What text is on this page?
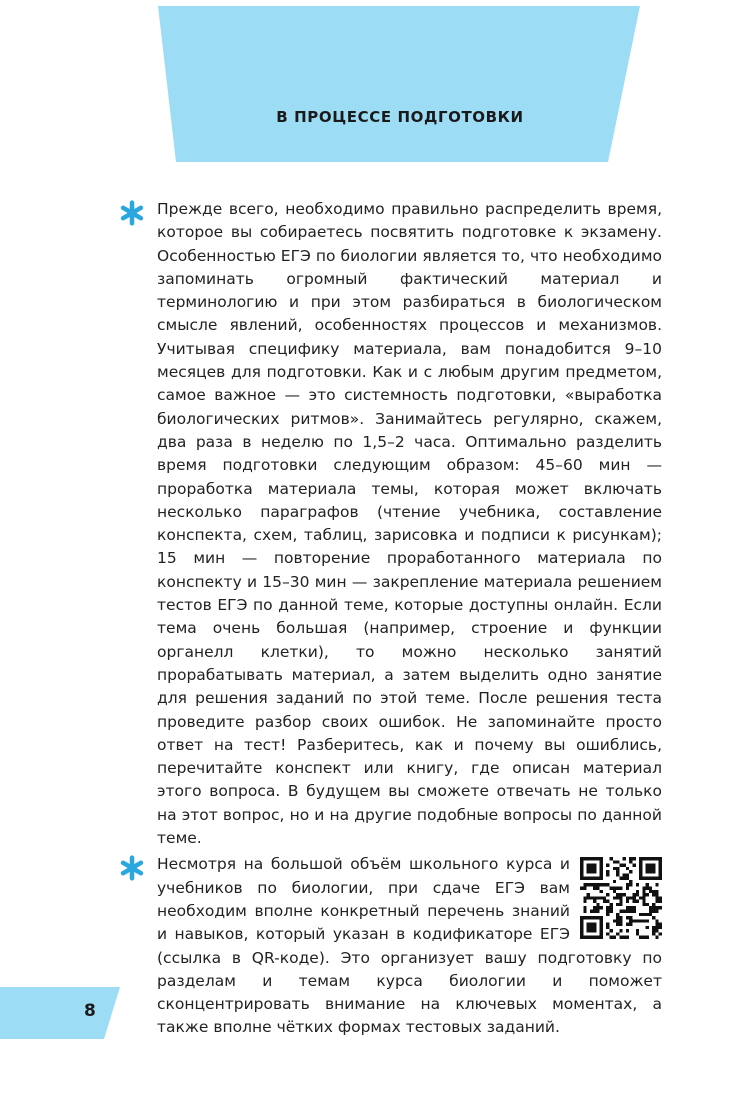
В ПРОЦЕССЕ ПОДГОТОВКИ

Прежде всего, необходимо правильно распределить время, которое вы собираетесь посвятить подготовке к экзамену. Особенностью ЕГЭ по биологии является то, что необходимо запоминать огромный фактический материал и терминологию и при этом разбираться в биологическом смысле явлений, особенностях процессов и механизмов. Учитывая специфику материала, вам понадобится 9–10 месяцев для подготовки. Как и с любым другим предметом, самое важное — это системность подготовки, «выработка биологических ритмов». Занимайтесь регулярно, скажем, два раза в неделю по 1,5–2 часа. Оптимально разделить время подготовки следующим образом: 45–60 мин — проработка материала темы, которая может включать несколько параграфов (чтение учебника, составление конспекта, схем, таблиц, зарисовка и подписи к рисункам); 15 мин — повторение проработанного материала по конспекту и 15–30 мин — закрепление материала решением тестов ЕГЭ по данной теме, которые доступны онлайн. Если тема очень большая (например, строение и функции органелл клетки), то можно несколько занятий прорабатывать материал, а затем выделить одно занятие для решения заданий по этой теме. После решения теста проведите разбор своих ошибок. Не запоминайте просто ответ на тест! Разберитесь, как и почему вы ошиблись, перечитайте конспект или книгу, где описан материал этого вопроса. В будущем вы сможете отвечать не только на этот вопрос, но и на другие подобные вопросы по данной теме.

Несмотря на большой объём школьного курса и учебников по биологии, при сдаче ЕГЭ вам необходим вполне конкретный перечень знаний и навыков, который указан в кодификаторе ЕГЭ (ссылка в QR-коде). Это организует вашу подготовку по разделам и темам курса биологии и поможет сконцентрировать внимание на ключевых моментах, а также вполне чётких формах тестовых заданий.

8
